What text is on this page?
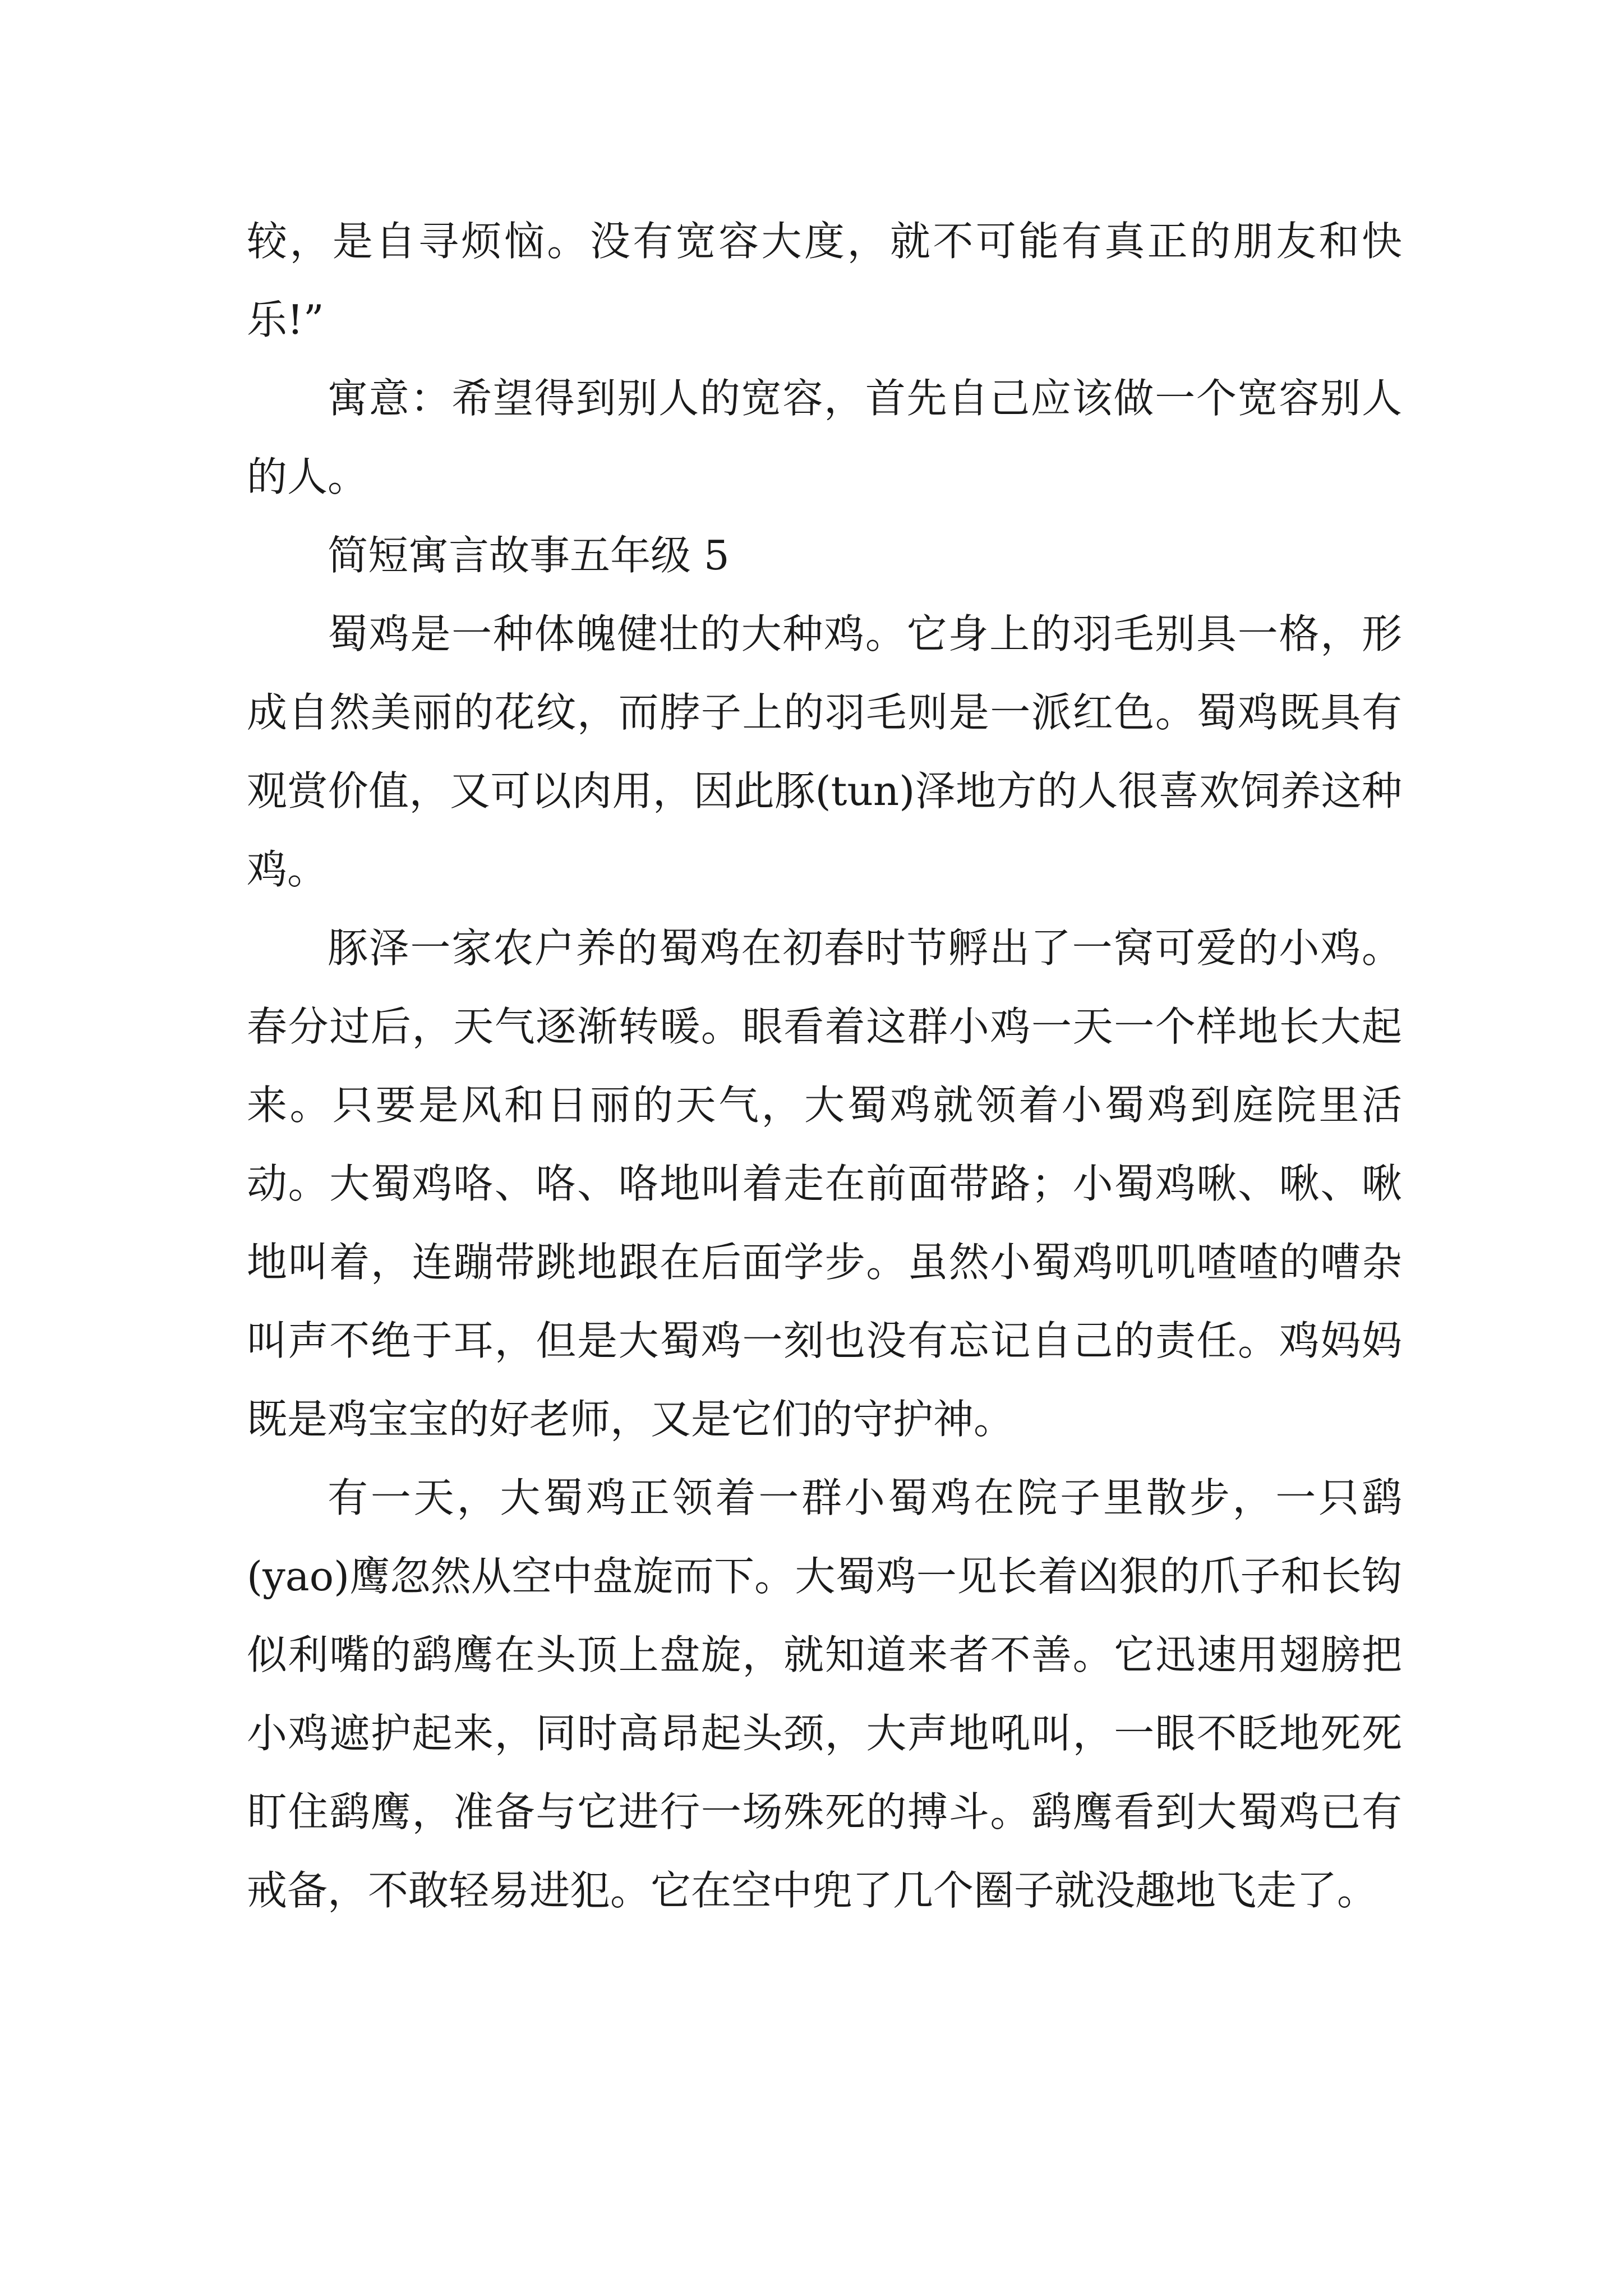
较，是自寻烦恼。没有宽容大度，就不可能有真正的朋友和快乐!”

寓意：希望得到别人的宽容，首先自己应该做一个宽容别人的人。

简短寓言故事五年级 5

蜀鸡是一种体魄健壮的大种鸡。它身上的羽毛别具一格，形成自然美丽的花纹，而脖子上的羽毛则是一派红色。蜀鸡既具有观赏价值，又可以肉用，因此豚(tun)泽地方的人很喜欢饲养这种鸡。

豚泽一家农户养的蜀鸡在初春时节孵出了一窝可爱的小鸡。春分过后，天气逐渐转暖。眼看着这群小鸡一天一个样地长大起来。只要是风和日丽的天气，大蜀鸡就领着小蜀鸡到庭院里活动。大蜀鸡咯、咯、咯地叫着走在前面带路；小蜀鸡啾、啾、啾地叫着，连蹦带跳地跟在后面学步。虽然小蜀鸡叽叽喳喳的嘈杂叫声不绝于耳，但是大蜀鸡一刻也没有忘记自己的责任。鸡妈妈既是鸡宝宝的好老师，又是它们的守护神。

有一天，大蜀鸡正领着一群小蜀鸡在院子里散步，一只鹞(yao)鹰忽然从空中盘旋而下。大蜀鸡一见长着凶狠的爪子和长钩似利嘴的鹞鹰在头顶上盘旋，就知道来者不善。它迅速用翅膀把小鸡遮护起来，同时高昂起头颈，大声地吼叫，一眼不眨地死死盯住鹞鹰，准备与它进行一场殊死的搏斗。鹞鹰看到大蜀鸡已有戒备，不敢轻易进犯。它在空中兜了几个圈子就没趣地飞走了。
